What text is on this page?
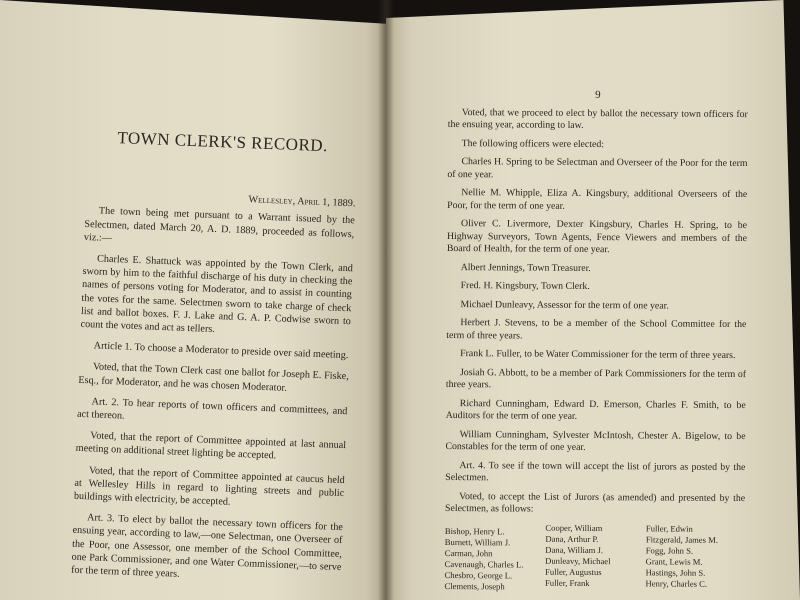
TOWN CLERK'S RECORD.
Wellesley, April 1, 1889.

The town being met pursuant to a Warrant issued by the Selectmen, dated March 20, A. D. 1889, proceeded as follows, viz.:—

Charles E. Shattuck was appointed by the Town Clerk, and sworn by him to the faithful discharge of his duty in checking the names of persons voting for Moderator, and to assist in counting the votes for the same. Selectmen sworn to take charge of check list and ballot boxes. F. J. Lake and G. A. P. Codwise sworn to count the votes and act as tellers.

Article 1. To choose a Moderator to preside over said meeting.

Voted, that the Town Clerk cast one ballot for Joseph E. Fiske, Esq., for Moderator, and he was chosen Moderator.

Art. 2. To hear reports of town officers and committees, and act thereon.

Voted, that the report of Committee appointed at last annual meeting on additional street lighting be accepted.

Voted, that the report of Committee appointed at caucus held at Wellesley Hills in regard to lighting streets and public buildings with electricity, be accepted.

Art. 3. To elect by ballot the necessary town officers for the ensuing year, according to law,—one Selectman, one Overseer of the Poor, one Assessor, one member of the School Committee, one Park Commissioner, and one Water Commissioner,—to serve for the term of three years.

9

Voted, that we proceed to elect by ballot the necessary town officers for the ensuing year, according to law.

The following officers were elected:

Charles H. Spring to be Selectman and Overseer of the Poor for the term of one year.

Nellie M. Whipple, Eliza A. Kingsbury, additional Overseers of the Poor, for the term of one year.

Oliver C. Livermore, Dexter Kingsbury, Charles H. Spring, to be Highway Surveyors, Town Agents, Fence Viewers and members of the Board of Health, for the term of one year.

Albert Jennings, Town Treasurer.

Fred. H. Kingsbury, Town Clerk.

Michael Dunleavy, Assessor for the term of one year.

Herbert J. Stevens, to be a member of the School Committee for the term of three years.

Frank L. Fuller, to be Water Commissioner for the term of three years.

Josiah G. Abbott, to be a member of Park Commissioners for the term of three years.

Richard Cunningham, Edward D. Emerson, Charles F. Smith, to be Auditors for the term of one year.

William Cunningham, Sylvester McIntosh, Chester A. Bigelow, to be Constables for the term of one year.

Art. 4. To see if the town will accept the list of jurors as posted by the Selectmen.

Voted, to accept the List of Jurors (as amended) and presented by the Selectmen, as follows:

Bishop, Henry L.
Burnett, William J.
Carman, John
Cavenaugh, Charles L.
Chesbro, George L.
Clements, Joseph
Cooper, William
Dana, Arthur P.
Dana, William J.
Dunleavy, Michael
Fuller, Augustus
Fuller, Frank
Fuller, Edwin
Fitzgerald, James M.
Fogg, John S.
Grant, Lewis M.
Hastings, John S.
Henry, Charles C.
